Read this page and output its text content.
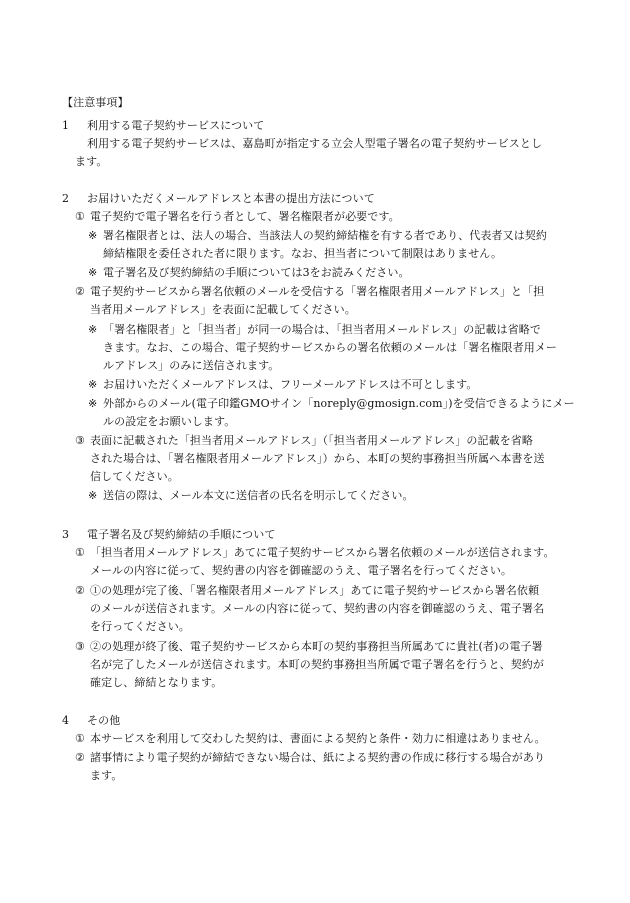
【注意事項】
1 利用する電子契約サービスについて
利用する電子契約サービスは、嘉島町が指定する立会人型電子署名の電子契約サービスとし
ます。
2 お届けいただくメールアドレスと本書の提出方法について
① 電子契約で電子署名を行う者として、署名権限者が必要です。
※ 署名権限者とは、法人の場合、当該法人の契約締結権を有する者であり、代表者又は契約
締結権限を委任された者に限ります。なお、担当者について制限はありません。
※ 電子署名及び契約締結の手順については3をお読みください。
② 電子契約サービスから署名依頼のメールを受信する「署名権限者用メールアドレス」と「担
当者用メールアドレス」を表面に記載してください。
※ 「署名権限者」と「担当者」が同一の場合は、「担当者用メールドレス」の記載は省略で
きます。なお、この場合、電子契約サービスからの署名依頼のメールは「署名権限者用メー
ルアドレス」のみに送信されます。
※ お届けいただくメールアドレスは、フリーメールアドレスは不可とします。
※ 外部からのメール(電子印鑑GMOサイン「noreply@gmosign.com」)を受信できるようにメー
ルの設定をお願いします。
③ 表面に記載された「担当者用メールアドレス」（「担当者用メールアドレス」の記載を省略
された場合は、「署名権限者用メールアドレス」）から、本町の契約事務担当所属へ本書を送
信してください。
※ 送信の際は、メール本文に送信者の氏名を明示してください。
3 電子署名及び契約締結の手順について
① 「担当者用メールアドレス」あてに電子契約サービスから署名依頼のメールが送信されます。
メールの内容に従って、契約書の内容を御確認のうえ、電子署名を行ってください。
② ①の処理が完了後、「署名権限者用メールアドレス」あてに電子契約サービスから署名依頼
のメールが送信されます。メールの内容に従って、契約書の内容を御確認のうえ、電子署名
を行ってください。
③ ②の処理が終了後、電子契約サービスから本町の契約事務担当所属あてに貴社(者)の電子署
名が完了したメールが送信されます。本町の契約事務担当所属で電子署名を行うと、契約が
確定し、締結となります。
4 その他
① 本サービスを利用して交わした契約は、書面による契約と条件・効力に相違はありません。
② 諸事情により電子契約が締結できない場合は、紙による契約書の作成に移行する場合があり
ます。
